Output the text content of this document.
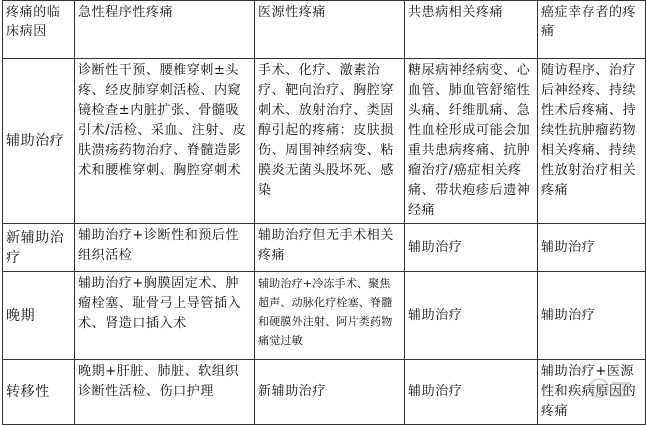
疼痛的临床病因	急性程序性疼痛	医源性疼痛	共患病相关疼痛	癌症幸存者的疼痛
辅助治疗	诊断性干预、腰椎穿刺±头疼、经皮肺穿刺活检、内窥镜检查±内脏扩张、骨髓吸引术/活检、采血、注射、皮肤溃疡药物治疗、脊髓造影术和腰椎穿刺、胸腔穿刺术	手术、化疗、激素治疗、靶向治疗、胸腔穿刺术、放射治疗、类固醇引起的疼痛：皮肤损伤、周围神经病变、粘膜炎无菌头股坏死、感染	糖尿病神经病变、心血管、肺血管舒缩性头痛、纤维肌痛、急性血栓形成可能会加重共患病疼痛、抗肿瘤治疗/癌症相关疼痛、带状疱疹后遗神经痛	随访程序、治疗后神经疼、持续性术后疼痛、持续性抗肿瘤药物相关疼痛、持续性放射治疗相关疼痛
新辅助治疗	辅助治疗+诊断性和预后性组织活检	辅助治疗但无手术相关疼痛	辅助治疗	辅助治疗
晚期	辅助治疗+胸膜固定术、肿瘤栓塞、耻骨弓上导管插入术、肾造口插入术	辅助治疗+冷冻手术、聚焦超声、动脉化疗栓塞、脊髓和硬膜外注射、阿片类药物痛觉过敏	辅助治疗	辅助治疗
转移性	晚期+肝脏、肺脏、软组织诊断性活检、伤口护理	新辅助治疗	辅助治疗	辅助治疗+医源性和疾病原因的疼痛
